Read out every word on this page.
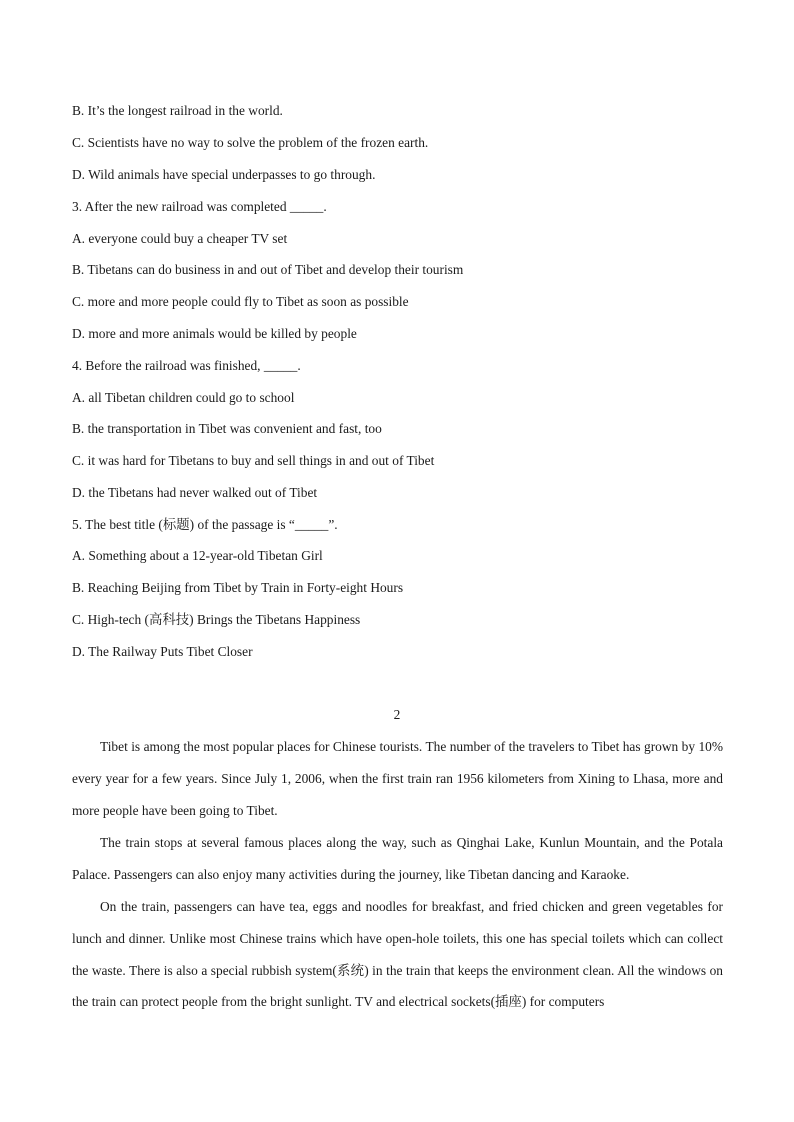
B. It’s the longest railroad in the world.
C. Scientists have no way to solve the problem of the frozen earth.
D. Wild animals have special underpasses to go through.
3. After the new railroad was completed _____.
A. everyone could buy a cheaper TV set
B. Tibetans can do business in and out of Tibet and develop their tourism
C. more and more people could fly to Tibet as soon as possible
D. more and more animals would be killed by people
4. Before the railroad was finished, _____.
A. all Tibetan children could go to school
B. the transportation in Tibet was convenient and fast, too
C. it was hard for Tibetans to buy and sell things in and out of Tibet
D. the Tibetans had never walked out of Tibet
5. The best title (标题) of the passage is “_____”.
A. Something about a 12-year-old Tibetan Girl
B. Reaching Beijing from Tibet by Train in Forty-eight Hours
C. High-tech (高科技) Brings the Tibetans Happiness
D. The Railway Puts Tibet Closer
2
Tibet is among the most popular places for Chinese tourists. The number of the travelers to Tibet has grown by 10% every year for a few years. Since July 1, 2006, when the first train ran 1956 kilometers from Xining to Lhasa, more and more people have been going to Tibet.
The train stops at several famous places along the way, such as Qinghai Lake, Kunlun Mountain, and the Potala Palace. Passengers can also enjoy many activities during the journey, like Tibetan dancing and Karaoke.
On the train, passengers can have tea, eggs and noodles for breakfast, and fried chicken and green vegetables for lunch and dinner. Unlike most Chinese trains which have open-hole toilets, this one has special toilets which can collect the waste. There is also a special rubbish system(系统) in the train that keeps the environment clean. All the windows on the train can protect people from the bright sunlight. TV and electrical sockets(插座) for computers
